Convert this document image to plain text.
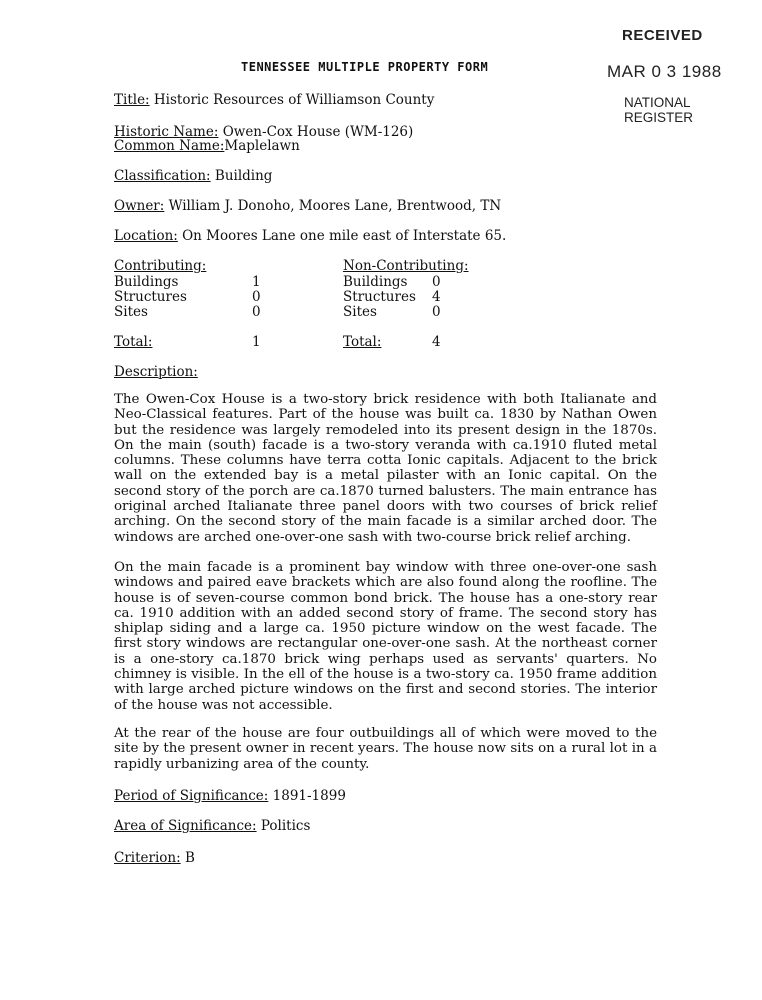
RECEIVED
MAR 0 3 1988
NATIONAL
REGISTER
TENNESSEE MULTIPLE PROPERTY FORM
Title: Historic Resources of Williamson County
Historic Name: Owen-Cox House (WM-126)
Common Name:Maplelawn
Classification: Building
Owner: William J. Donoho, Moores Lane, Brentwood, TN
Location: On Moores Lane one mile east of Interstate 65.
Contributing:
Buildings	1
Structures	0
Sites	0
Total:	1
Non-Contributing:
Buildings 0
Structures 4
Sites	0
Total:	4
Description:
The Owen-Cox House is a two-story brick residence with both Italianate and Neo-Classical features. Part of the house was built ca. 1830 by Nathan Owen but the residence was largely remodeled into its present design in the 1870s. On the main (south) facade is a two-story veranda with ca.1910 fluted metal columns. These columns have terra cotta Ionic capitals. Adjacent to the brick wall on the extended bay is a metal pilaster with an Ionic capital. On the second story of the porch are ca.1870 turned balusters. The main entrance has original arched Italianate three panel doors with two courses of brick relief arching. On the second story of the main facade is a similar arched door. The windows are arched one-over-one sash with two-course brick relief arching.
On the main facade is a prominent bay window with three one-over-one sash windows and paired eave brackets which are also found along the roofline. The house is of seven-course common bond brick. The house has a one-story rear ca. 1910 addition with an added second story of frame. The second story has shiplap siding and a large ca. 1950 picture window on the west facade. The first story windows are rectangular one-over-one sash. At the northeast corner is a one-story ca.1870 brick wing perhaps used as servants' quarters. No chimney is visible. In the ell of the house is a two-story ca. 1950 frame addition with large arched picture windows on the first and second stories. The interior of the house was not accessible.
At the rear of the house are four outbuildings all of which were moved to the site by the present owner in recent years. The house now sits on a rural lot in a rapidly urbanizing area of the county.
Period of Significance: 1891-1899
Area of Significance: Politics
Criterion: B
